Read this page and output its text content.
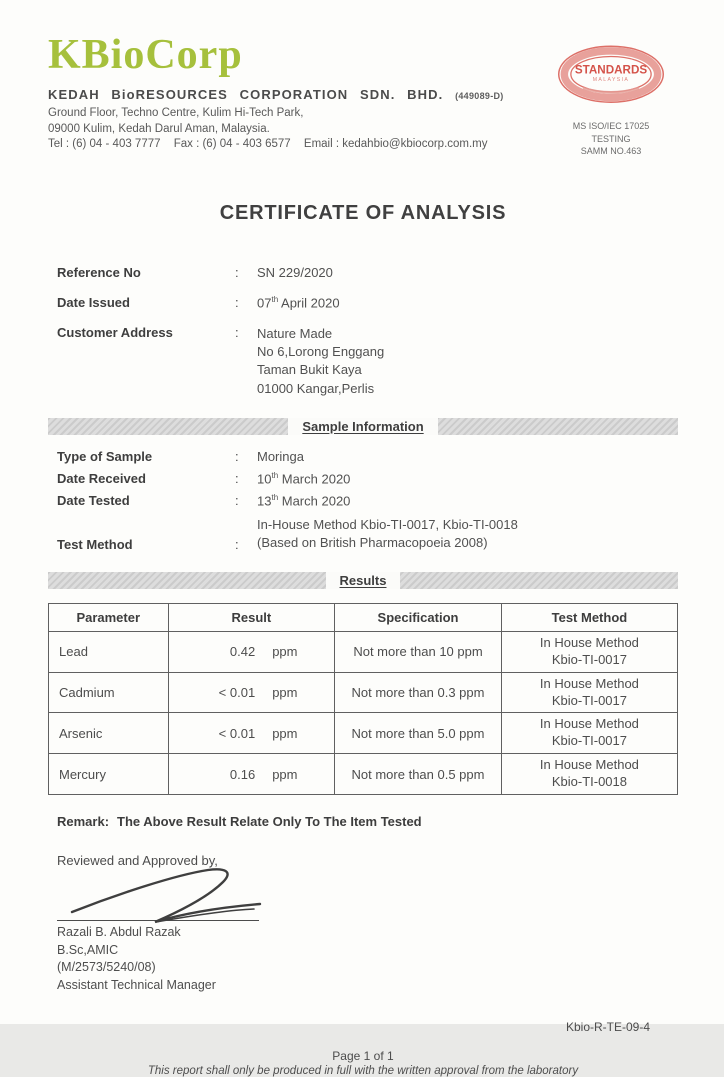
KBioCorp
KEDAH BioRESOURCES CORPORATION SDN. BHD. (449089-D)
Ground Floor, Techno Centre, Kulim Hi-Tech Park,
09000 Kulim, Kedah Darul Aman, Malaysia.
Tel : (6) 04 - 403 7777 Fax : (6) 04 - 403 6577 Email : kedahbio@kbiocorp.com.my
STANDARDS
MALAYSIA
MS ISO/IEC 17025
TESTING
SAMM NO.463
CERTIFICATE OF ANALYSIS
Reference No	:	SN 229/2020
Date Issued	:	07th April 2020
Customer Address	:	Nature Made
No 6,Lorong Enggang
Taman Bukit Kaya
01000 Kangar,Perlis
Sample Information
Type of Sample	:	Moringa
Date Received	:	10th March 2020
Date Tested	:	13th March 2020
Test Method	:
In-House Method Kbio-TI-0017, Kbio-TI-0018
(Based on British Pharmacopoeia 2008)
Results
Parameter	Result	Specification	Test Method
Lead	0.42 ppm	Not more than 10 ppm	In House Method
Kbio-TI-0017

Cadmium	< 0.01 ppm	Not more than 0.3 ppm	In House Method
Kbio-TI-0017

Arsenic	< 0.01 ppm	Not more than 5.0 ppm	In House Method
Kbio-TI-0017

Mercury	0.16 ppm	Not more than 0.5 ppm	In House Method
Kbio-TI-0018
Remark: The Above Result Relate Only To The Item Tested
Reviewed and Approved by,
Razali B. Abdul Razak
B.Sc,AMIC
(M/2573/5240/08)
Assistant Technical Manager
Kbio-R-TE-09-4
Page 1 of 1
This report shall only be produced in full with the written approval from the laboratory
